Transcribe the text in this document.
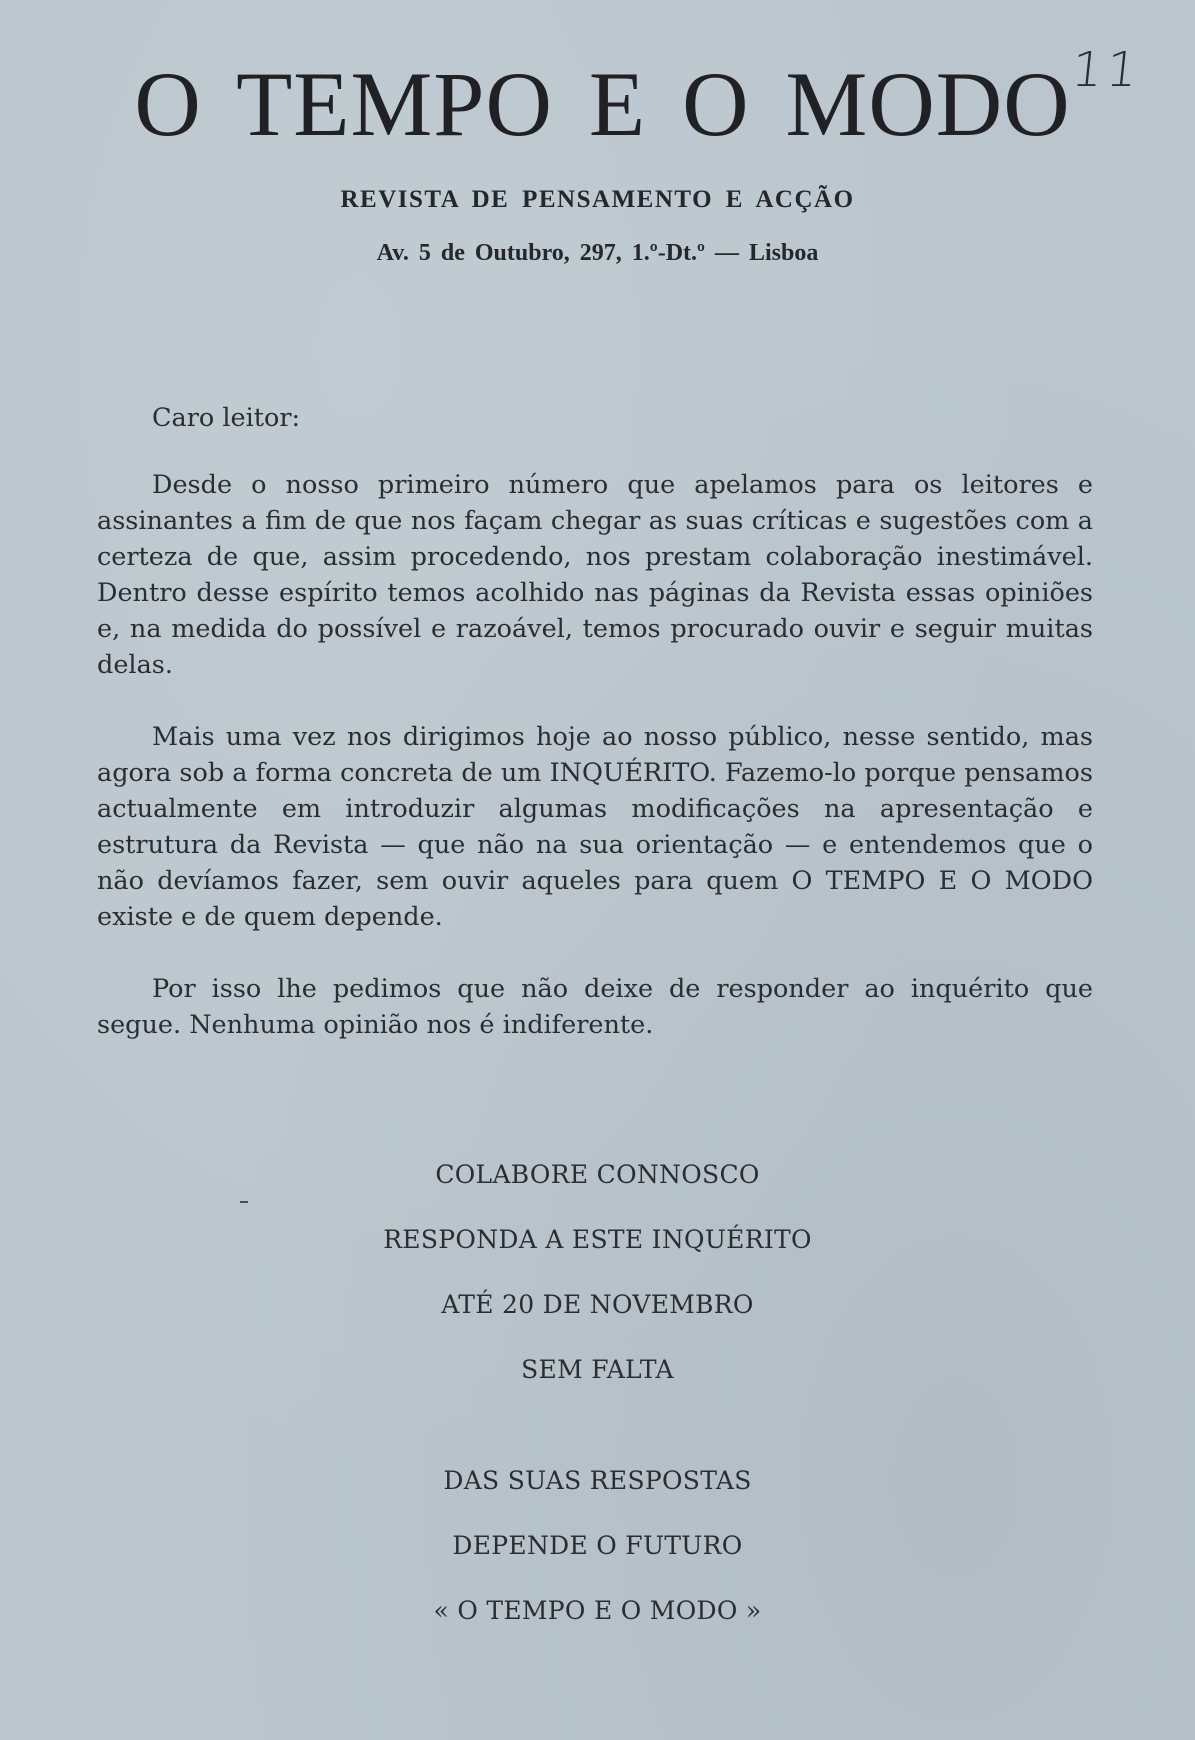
11
O TEMPO E O MODO
REVISTA DE PENSAMENTO E ACÇÃO
Av. 5 de Outubro, 297, 1.º-Dt.º — Lisboa
Caro leitor:

Desde o nosso primeiro número que apelamos para os leitores e assinantes a fim de que nos façam chegar as suas críticas e sugestões com a certeza de que, assim procedendo, nos prestam colaboração inestimável. Dentro desse espírito temos acolhido nas páginas da Revista essas opiniões e, na medida do possível e razoável, temos procurado ouvir e seguir muitas delas.

Mais uma vez nos dirigimos hoje ao nosso público, nesse sentido, mas agora sob a forma concreta de um INQUÉRITO. Fazemo-lo porque pensamos actualmente em introduzir algumas modificações na apresentação e estrutura da Revista — que não na sua orientação — e entendemos que o não devíamos fazer, sem ouvir aqueles para quem O TEMPO E O MODO existe e de quem depende.

Por isso lhe pedimos que não deixe de responder ao inquérito que segue. Nenhuma opinião nos é indiferente.

COLABORE CONNOSCO
RESPONDA A ESTE INQUÉRITO
ATÉ 20 DE NOVEMBRO
SEM FALTA
DAS SUAS RESPOSTAS
DEPENDE O FUTURO
« O TEMPO E O MODO »
